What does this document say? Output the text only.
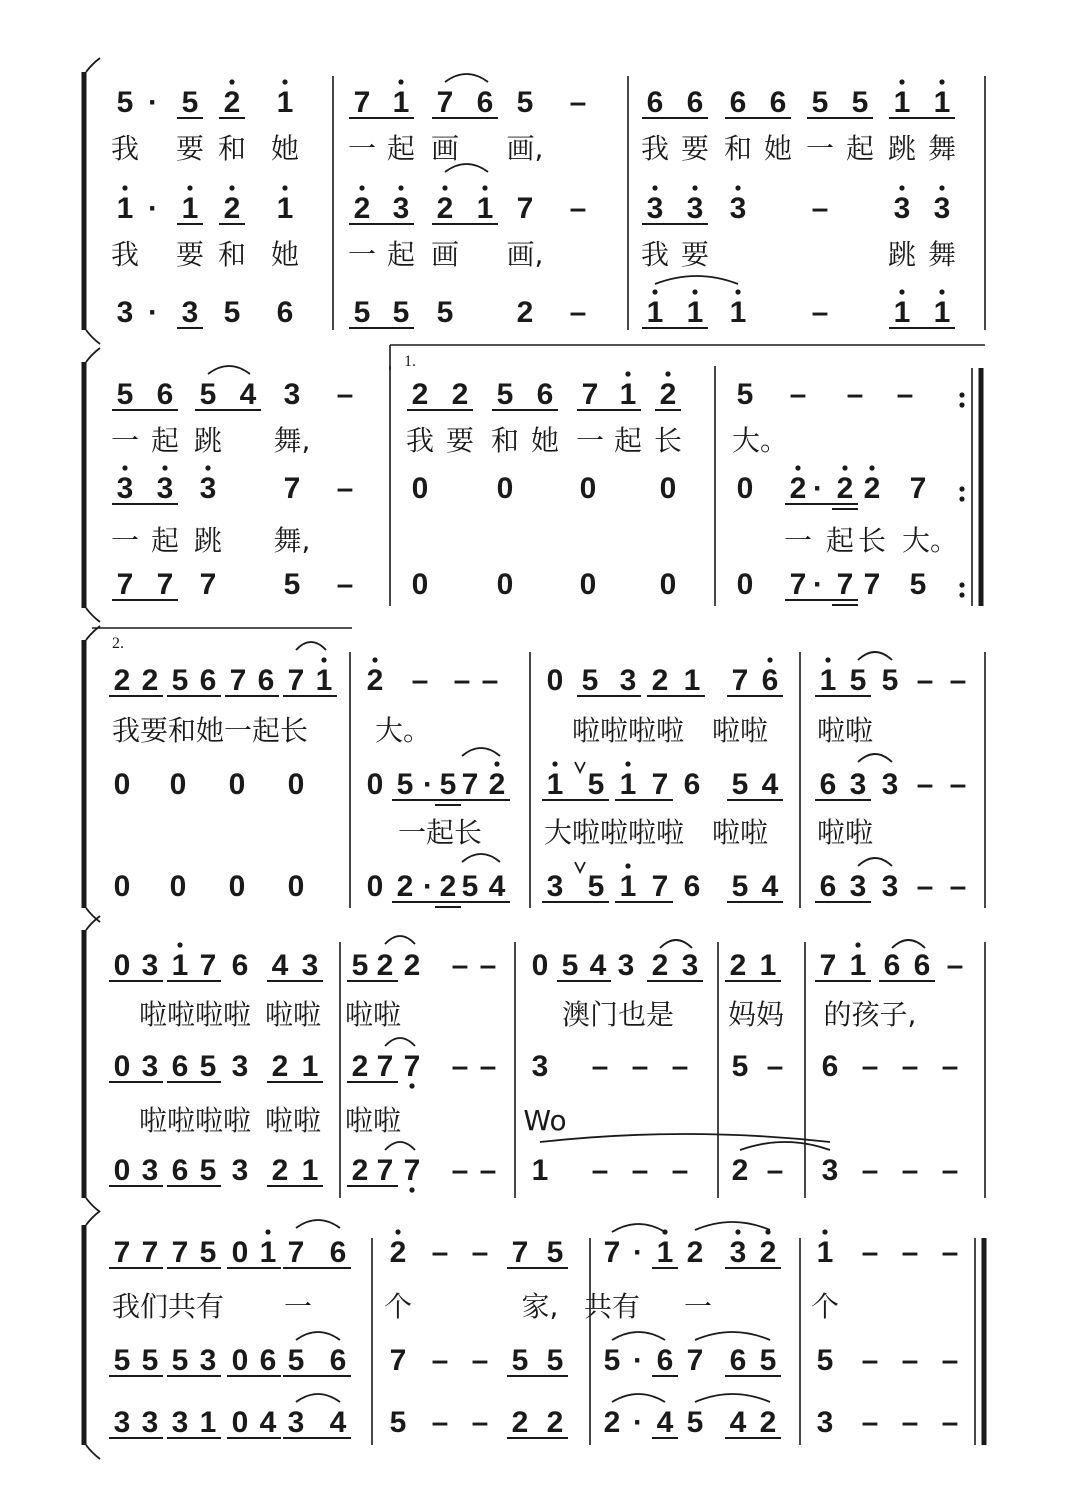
5 · 5 2 1 7 1 7 6 5 – 6 6 6 6 5 5 1 1
我 要 和 她 一 起 画 画,	我 要 和 她 一 起 跳 舞
1 · 1 2 1 2 3 2 1 7 – 3 3 3 – 3 3
我 要 和 她 一 起 画 画,	我 要	跳 舞
3 · 3 5 6 5 5 5 2 – 1 1 1 – 1 1
1.
5 6 5 4 3 – 2 2 5 6 7 1 2 5 – – –
一 起 跳 舞,	我 要 和 她 一 起 长 大。
3 3 3 7 – 0 0 0 0 0 2 · 2 2 7
一 起 跳 舞,	一 起 长 大。
7 7 7 5 – 0 0 0 0 0 7 · 7 7 5
2.
2 2 5 6 7 6 7 1 2 – – – 0 5 3 2 1 7 6 1 5 5 – –
我要和她一起长 大。	啦啦啦啦 啦啦 啦啦
0 0 0 0 0 5 · 5 7 2 1 5 1 7 6 5 4 6 3 3 – –
一起长 大啦啦啦啦 啦啦 啦啦
0 0 0 0 0 2 · 2 5 4 3 5 1 7 6 5 4 6 3 3 – –
0 3 1 7 6 4 3 5 2 2 – – 0 5 4 3 2 3 2 1 7 1 6 6 –
啦啦啦啦 啦啦 啦啦	澳门也是 妈妈 的孩子,
0 3 6 5 3 2 1 2 7 7 – – 3 – – – 5 – 6 – – –
啦啦啦啦 啦啦 啦啦	Wo
0 3 6 5 3 2 1 2 7 7 – – 1 – – – 2 – 3 – – –
7 7 7 5 0 1 7 6 2 – – 7 5 7 · 1 2 3 2 1 – – –
我们共有 一	个	家, 共有 一	个
5 5 5 3 0 6 5 6 7 – – 5 5 5 · 6 7 6 5 5 – – –
3 3 3 1 0 4 3 4 5 – – 2 2 2 · 4 5 4 2 3 – – –
